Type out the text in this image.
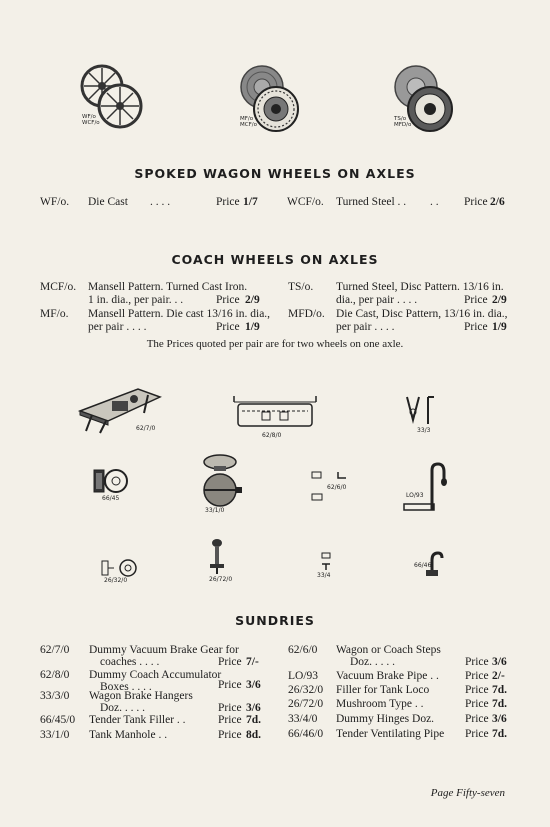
WF/o
WCF/o
MF/o
MCF/o
TS/o
MFD/o
SPOKED WAGON WHEELS ON AXLES
WF/o. Die Cast . . . .	Price 1/7	WCF/o. Turned Steel . . . . Price 2/6
COACH WHEELS ON AXLES
MCF/o. Mansell Pattern. Turned Cast Iron.
1 in. dia., per pair. . .	Price 2/9
MF/o. Mansell Pattern. Die cast 13/16 in. dia.,
per pair . . . .	Price 1/9
TS/o. Turned Steel, Disc Pattern. 13/16 in.
dia., per pair . . . .	Price 2/9
MFD/o. Die Cast, Disc Pattern, 13/16 in. dia.,
per pair . . . .	Price 1/9
The Prices quoted per pair are for two wheels on one axle.
62/7/0
62/8/0
33/3
66/45
33/1/0
62/6/0
LO/93
26/32/0	26/72/0
33/4
66/46
SUNDRIES
62/7/0 Dummy Vacuum Brake Gear for
coaches . . . .	Price 7/-
62/8/0 Dummy Coach Accumulator
Boxes . . . .	Price 3/6
33/3/0 Wagon Brake Hangers
Doz. . . . .	Price 3/6
66/45/0 Tender Tank Filler . .	Price 7d.
33/1/0 Tank Manhole . .	Price 8d.
62/6/0 Wagon or Coach Steps
Doz. . . . .	Price 3/6
LO/93 Vacuum Brake Pipe . . Price 2/-
26/32/0 Filler for Tank Loco	Price 7d.
26/72/0 Mushroom Type . .	Price 7d.
33/4/0 Dummy Hinges Doz.	Price 3/6
66/46/0 Tender Ventilating Pipe Price 7d.
Page Fifty-seven
